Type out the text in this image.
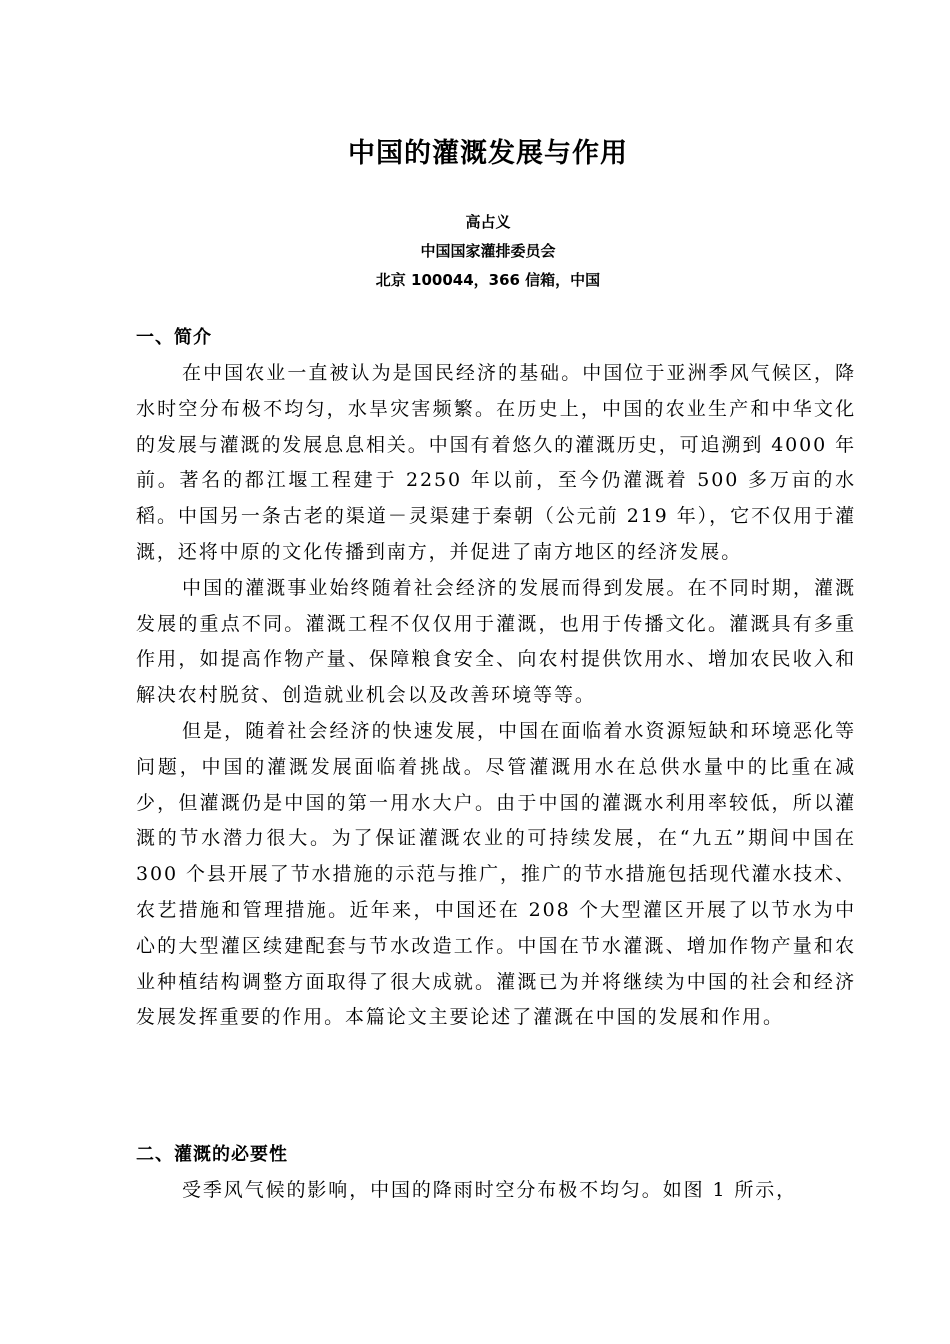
中国的灌溉发展与作用
高占义
中国国家灌排委员会
北京 100044，366 信箱，中国
一、简介

在中国农业一直被认为是国民经济的基础。中国位于亚洲季风气候区，降水时空分布极不均匀，水旱灾害频繁。在历史上，中国的农业生产和中华文化的发展与灌溉的发展息息相关。中国有着悠久的灌溉历史，可追溯到 4000 年前。著名的都江堰工程建于 2250 年以前，至今仍灌溉着 500 多万亩的水稻。中国另一条古老的渠道－灵渠建于秦朝（公元前 219 年），它不仅用于灌溉，还将中原的文化传播到南方，并促进了南方地区的经济发展。

中国的灌溉事业始终随着社会经济的发展而得到发展。在不同时期，灌溉发展的重点不同。灌溉工程不仅仅用于灌溉，也用于传播文化。灌溉具有多重作用，如提高作物产量、保障粮食安全、向农村提供饮用水、增加农民收入和解决农村脱贫、创造就业机会以及改善环境等等。

但是，随着社会经济的快速发展，中国在面临着水资源短缺和环境恶化等问题，中国的灌溉发展面临着挑战。尽管灌溉用水在总供水量中的比重在减少，但灌溉仍是中国的第一用水大户。由于中国的灌溉水利用率较低，所以灌溉的节水潜力很大。为了保证灌溉农业的可持续发展，在“九五”期间中国在 300 个县开展了节水措施的示范与推广，推广的节水措施包括现代灌水技术、农艺措施和管理措施。近年来，中国还在 208 个大型灌区开展了以节水为中心的大型灌区续建配套与节水改造工作。中国在节水灌溉、增加作物产量和农业种植结构调整方面取得了很大成就。灌溉已为并将继续为中国的社会和经济发展发挥重要的作用。本篇论文主要论述了灌溉在中国的发展和作用。

二、灌溉的必要性

受季风气候的影响，中国的降雨时空分布极不均匀。如图 1 所示，
